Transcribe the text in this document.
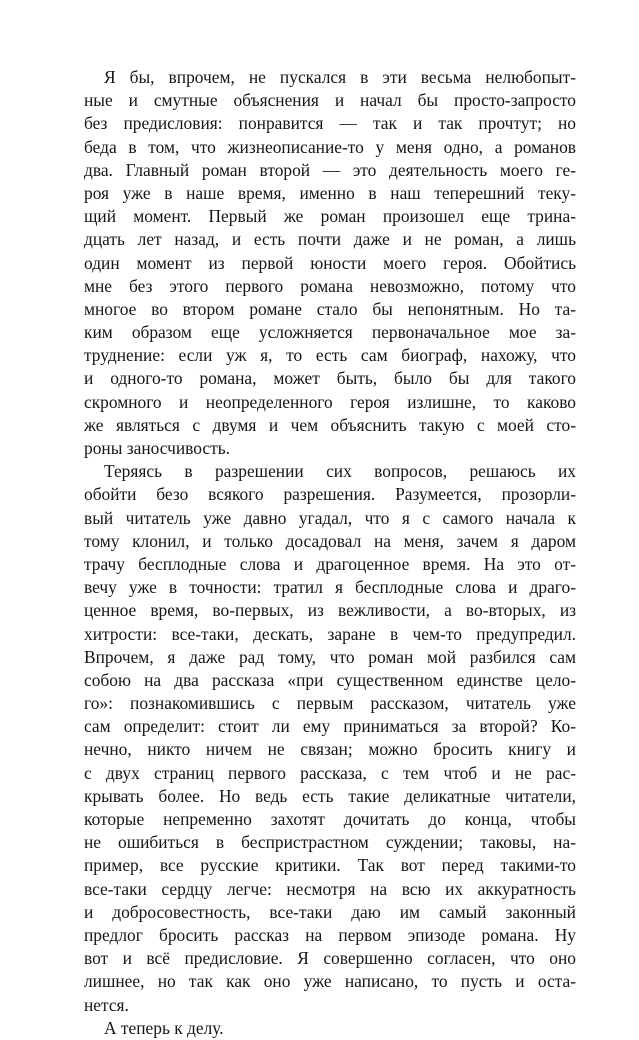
Я бы, впрочем, не пускался в эти весьма нелюбопыт-
ные и смутные объяснения и начал бы просто-запросто
без предисловия: понравится — так и так прочтут; но
беда в том, что жизнеописание-то у меня одно, а романов
два. Главный роман второй — это деятельность моего ге-
роя уже в наше время, именно в наш теперешний теку-
щий момент. Первый же роман произошел еще трина-
дцать лет назад, и есть почти даже и не роман, а лишь
один момент из первой юности моего героя. Обойтись
мне без этого первого романа невозможно, потому что
многое во втором романе стало бы непонятным. Но та-
ким образом еще усложняется первоначальное мое за-
труднение: если уж я, то есть сам биограф, нахожу, что
и одного-то романа, может быть, было бы для такого
скромного и неопределенного героя излишне, то каково
же являться с двумя и чем объяснить такую с моей сто-
роны заносчивость.
Теряясь в разрешении сих вопросов, решаюсь их
обойти безо всякого разрешения. Разумеется, прозорли-
вый читатель уже давно угадал, что я с самого начала к
тому клонил, и только досадовал на меня, зачем я даром
трачу бесплодные слова и драгоценное время. На это от-
вечу уже в точности: тратил я бесплодные слова и драго-
ценное время, во-первых, из вежливости, а во-вторых, из
хитрости: все-таки, дескать, заране в чем-то предупредил.
Впрочем, я даже рад тому, что роман мой разбился сам
собою на два рассказа «при существенном единстве цело-
го»: познакомившись с первым рассказом, читатель уже
сам определит: стоит ли ему приниматься за второй? Ко-
нечно, никто ничем не связан; можно бросить книгу и
с двух страниц первого рассказа, с тем чтоб и не рас-
крывать более. Но ведь есть такие деликатные читатели,
которые непременно захотят дочитать до конца, чтобы
не ошибиться в беспристрастном суждении; таковы, на-
пример, все русские критики. Так вот перед такими-то
все-таки сердцу легче: несмотря на всю их аккуратность
и добросовестность, все-таки даю им самый законный
предлог бросить рассказ на первом эпизоде романа. Ну
вот и всё предисловие. Я совершенно согласен, что оно
лишнее, но так как оно уже написано, то пусть и оста-
нется.
А теперь к делу.
